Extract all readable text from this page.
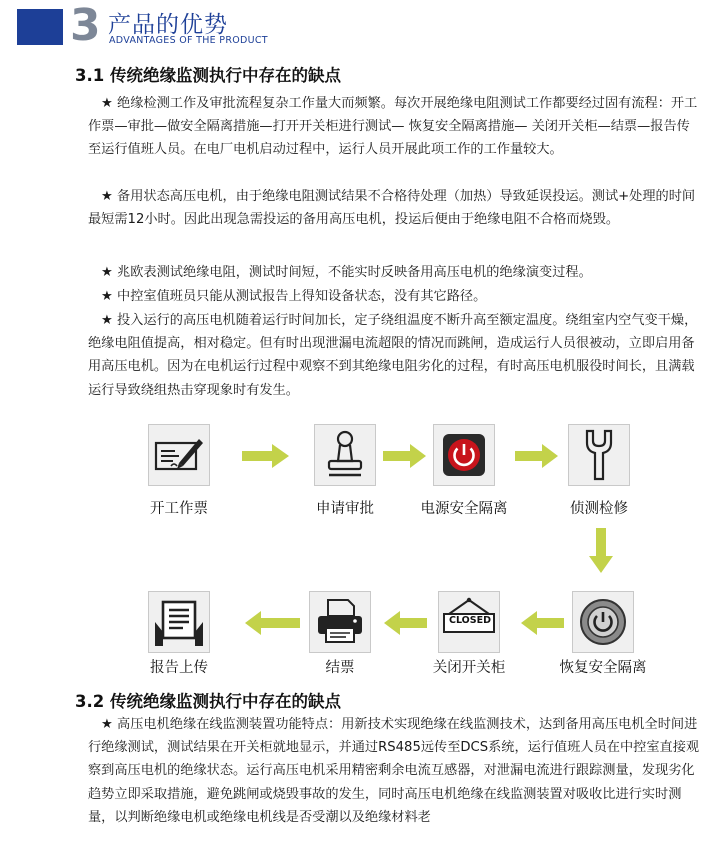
3 产品的优势
ADVANTAGES OF THE PRODUCT
3.1 传统绝缘监测执行中存在的缺点

★ 绝缘检测工作及审批流程复杂工作量大而频繁。每次开展绝缘电阻测试工作都要经过固有流程：开工作票—审批—做安全隔离措施—打开开关柜进行测试— 恢复安全隔离措施— 关闭开关柜—结票—报告传至运行值班人员。在电厂电机启动过程中，运行人员开展此项工作的工作量较大。

★ 备用状态高压电机，由于绝缘电阻测试结果不合格待处理（加热）导致延误投运。测试+处理的时间最短需12小时。因此出现急需投运的备用高压电机，投运后便由于绝缘电阻不合格而烧毁。

★ 兆欧表测试绝缘电阻，测试时间短，不能实时反映备用高压电机的绝缘演变过程。

★ 中控室值班员只能从测试报告上得知设备状态，没有其它路径。

★ 投入运行的高压电机随着运行时间加长，定子绕组温度不断升高至额定温度。绕组室内空气变干燥，绝缘电阻值提高，相对稳定。但有时出现泄漏电流超限的情况而跳闸，造成运行人员很被动，立即启用备用高压电机。因为在电机运行过程中观察不到其绝缘电阻劣化的过程，有时高压电机服役时间长，且满载运行导致绕组热击穿现象时有发生。

CLOSED
开工作票	申请审批	电源安全隔离	侦测检修
恢复安全隔离
关闭开关柜
结票
报告上传
3.2 传统绝缘监测执行中存在的缺点

★ 高压电机绝缘在线监测装置功能特点：用新技术实现绝缘在线监测技术，达到备用高压电机全时间进行绝缘测试，测试结果在开关柜就地显示，并通过RS485远传至DCS系统，运行值班人员在中控室直接观察到高压电机的绝缘状态。运行高压电机采用精密剩余电流互感器，对泄漏电流进行跟踪测量，发现劣化趋势立即采取措施，避免跳闸或烧毁事故的发生，同时高压电机绝缘在线监测装置对吸收比进行实时测量，以判断绝缘电机或绝缘电机线是否受潮以及绝缘材料老
